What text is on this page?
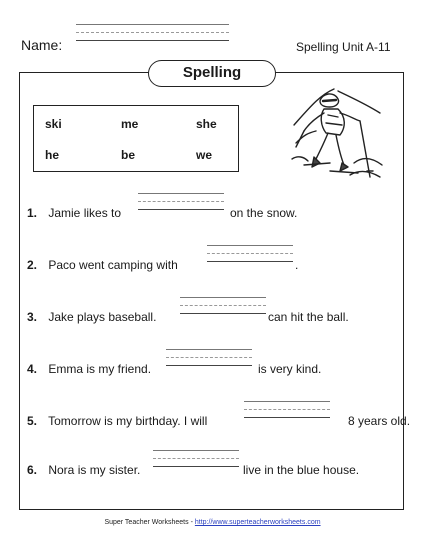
Name:	Spelling Unit A-11
Spelling
ski	me	she
he	be	we
1. Jamie likes to	on the snow.
2. Paco went camping with	.
3. Jake plays baseball.	can hit the ball.
4. Emma is my friend.	is very kind.
5. Tomorrow is my birthday. I will	8 years old.
6. Nora is my sister.	live in the blue house.
Super Teacher Worksheets - http://www.superteacherworksheets.com
